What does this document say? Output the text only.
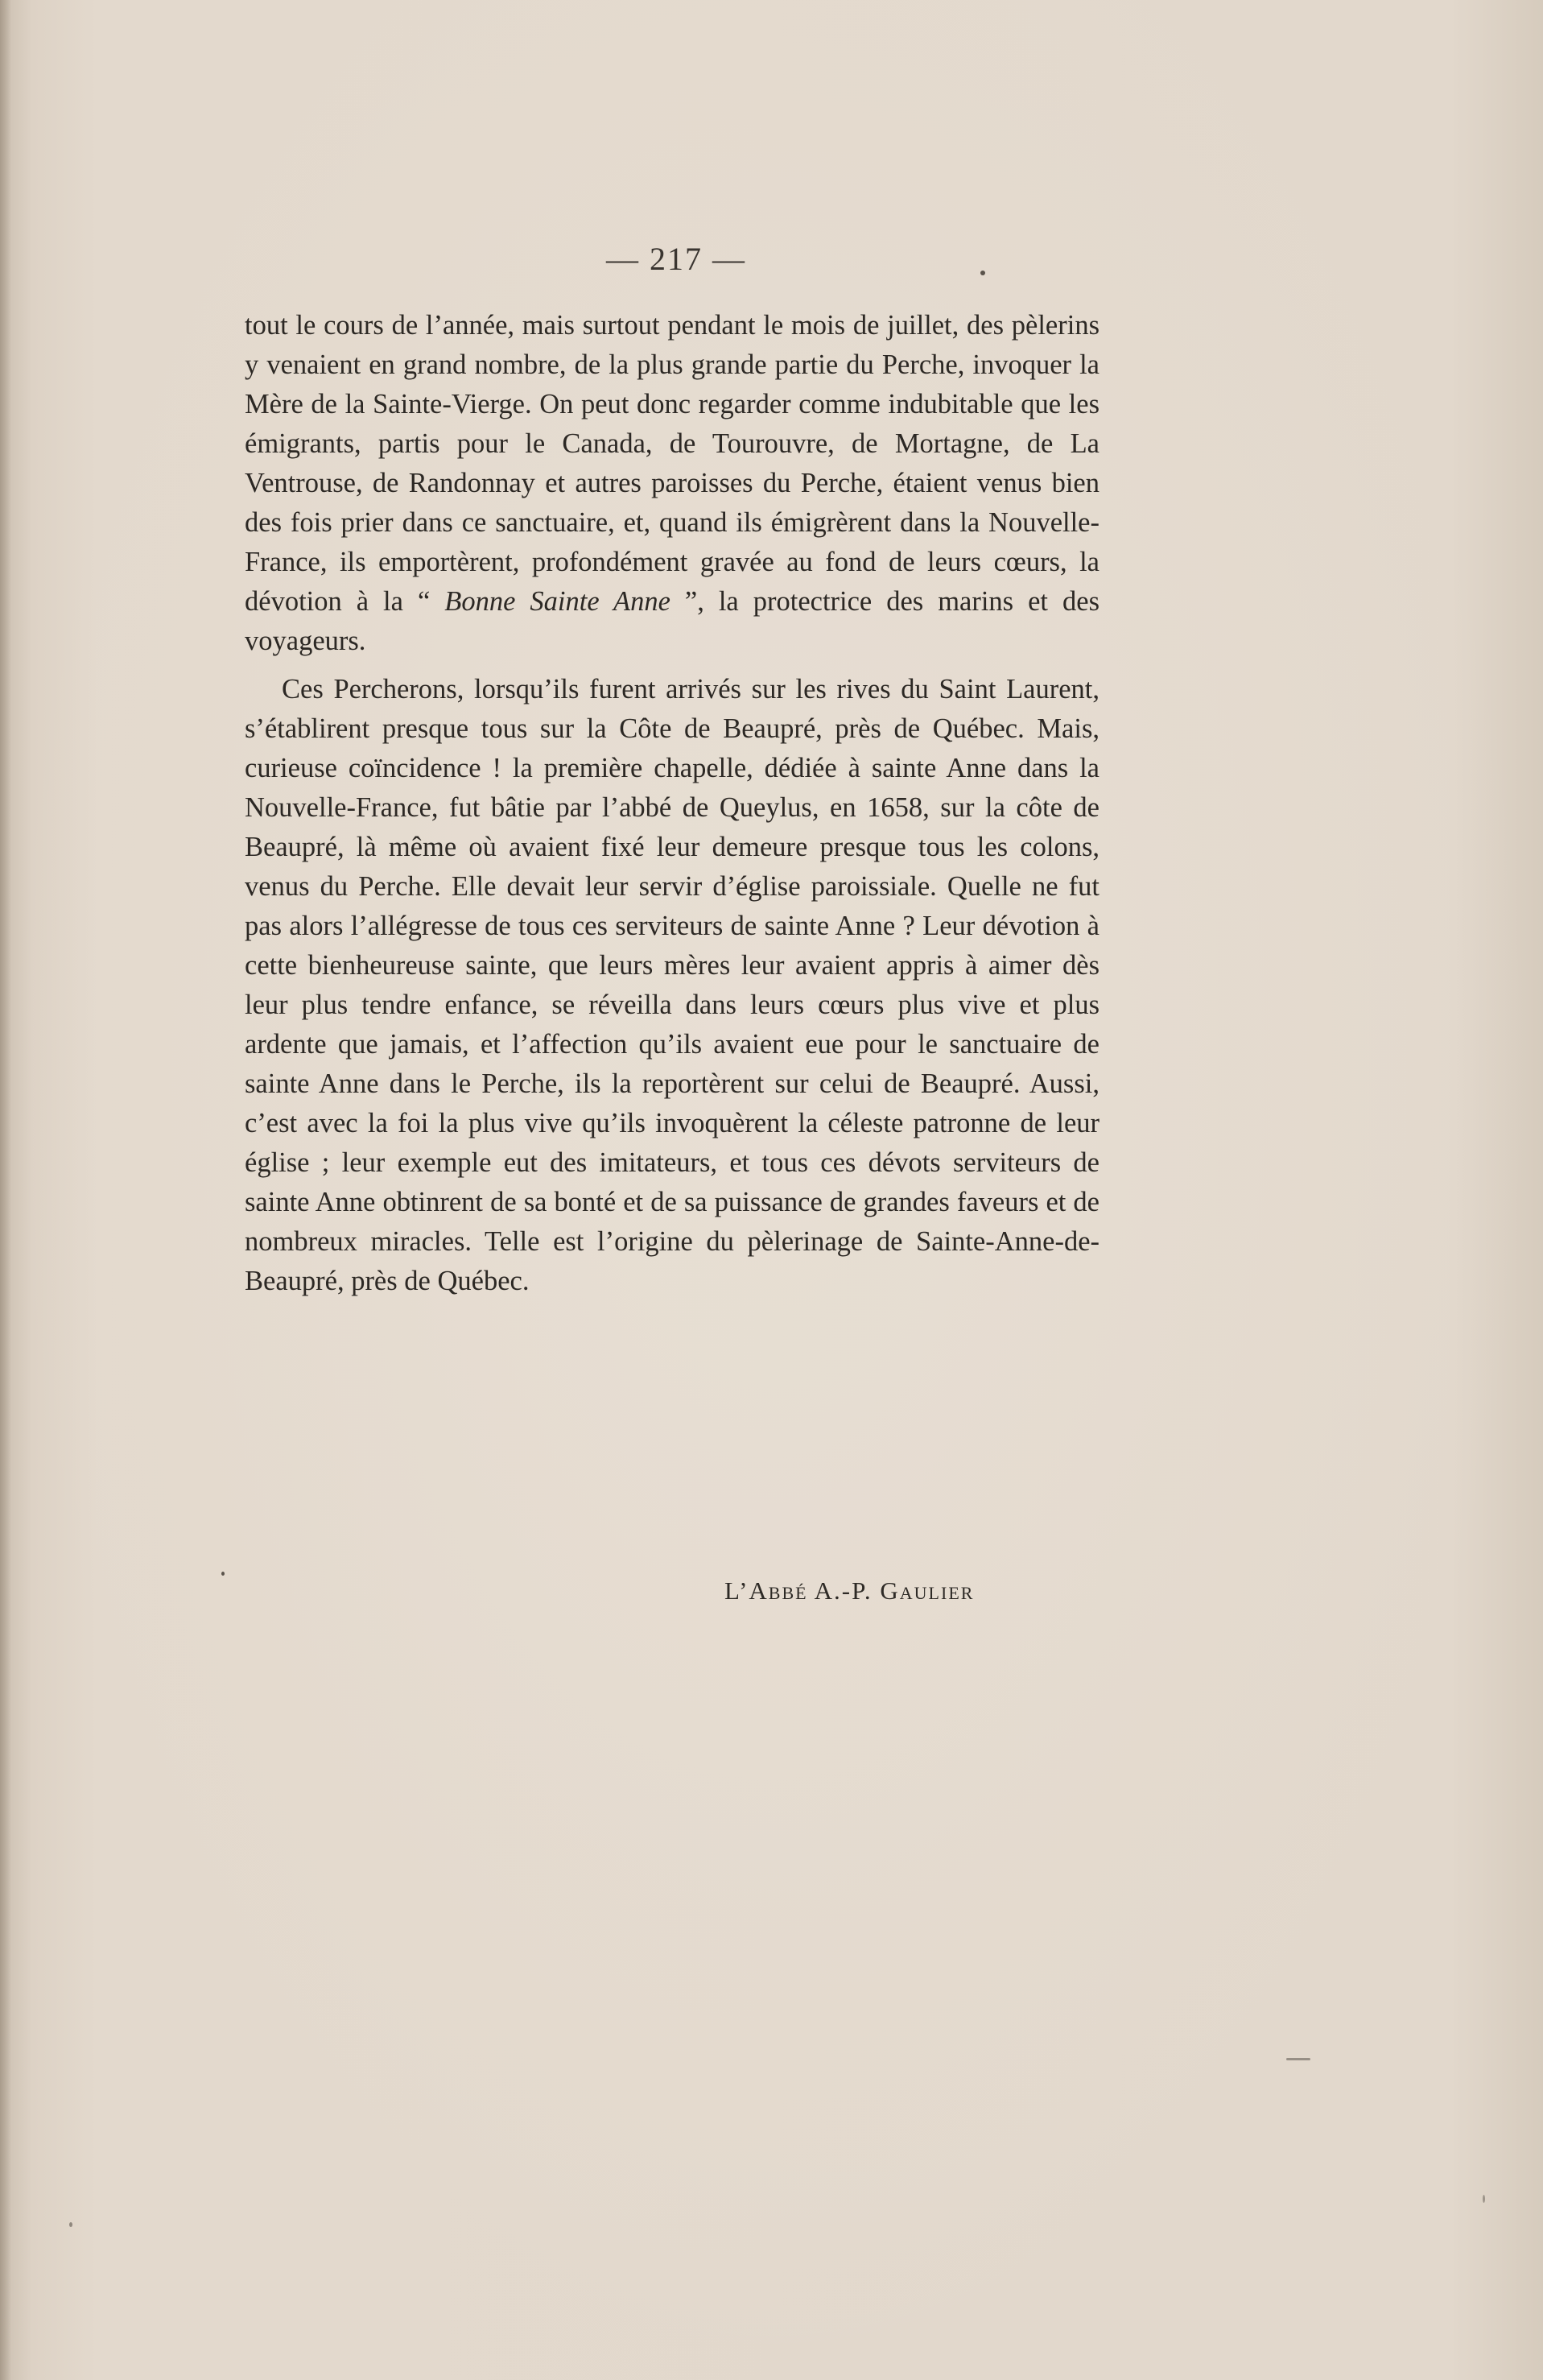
— 217 —

tout le cours de l’année, mais surtout pendant le mois de juillet, des pèlerins y venaient en grand nombre, de la plus grande partie du Perche, invoquer la Mère de la Sainte-Vierge. On peut donc regarder comme indubitable que les émigrants, partis pour le Canada, de Tourouvre, de Mortagne, de La Ventrouse, de Randonnay et autres paroisses du Perche, étaient venus bien des fois prier dans ce sanctuaire, et, quand ils émigrèrent dans la Nouvelle-France, ils emportèrent, profondément gravée au fond de leurs cœurs, la dévotion à la “ Bonne Sainte Anne ”, la protectrice des marins et des voyageurs.

Ces Percherons, lorsqu’ils furent arrivés sur les rives du Saint Laurent, s’établirent presque tous sur la Côte de Beaupré, près de Québec. Mais, curieuse coïncidence ! la première chapelle, dédiée à sainte Anne dans la Nouvelle-France, fut bâtie par l’abbé de Queylus, en 1658, sur la côte de Beaupré, là même où avaient fixé leur demeure presque tous les colons, venus du Perche. Elle devait leur servir d’église paroissiale. Quelle ne fut pas alors l’allégresse de tous ces serviteurs de sainte Anne ? Leur dévotion à cette bienheureuse sainte, que leurs mères leur avaient appris à aimer dès leur plus tendre enfance, se réveilla dans leurs cœurs plus vive et plus ardente que jamais, et l’affection qu’ils avaient eue pour le sanctuaire de sainte Anne dans le Perche, ils la reportèrent sur celui de Beaupré. Aussi, c’est avec la foi la plus vive qu’ils invoquèrent la céleste patronne de leur église ; leur exemple eut des imitateurs, et tous ces dévots serviteurs de sainte Anne obtinrent de sa bonté et de sa puissance de grandes faveurs et de nombreux miracles. Telle est l’origine du pèlerinage de Sainte-Anne-de-Beaupré, près de Québec.

L’Abbé A.-P. Gaulier
